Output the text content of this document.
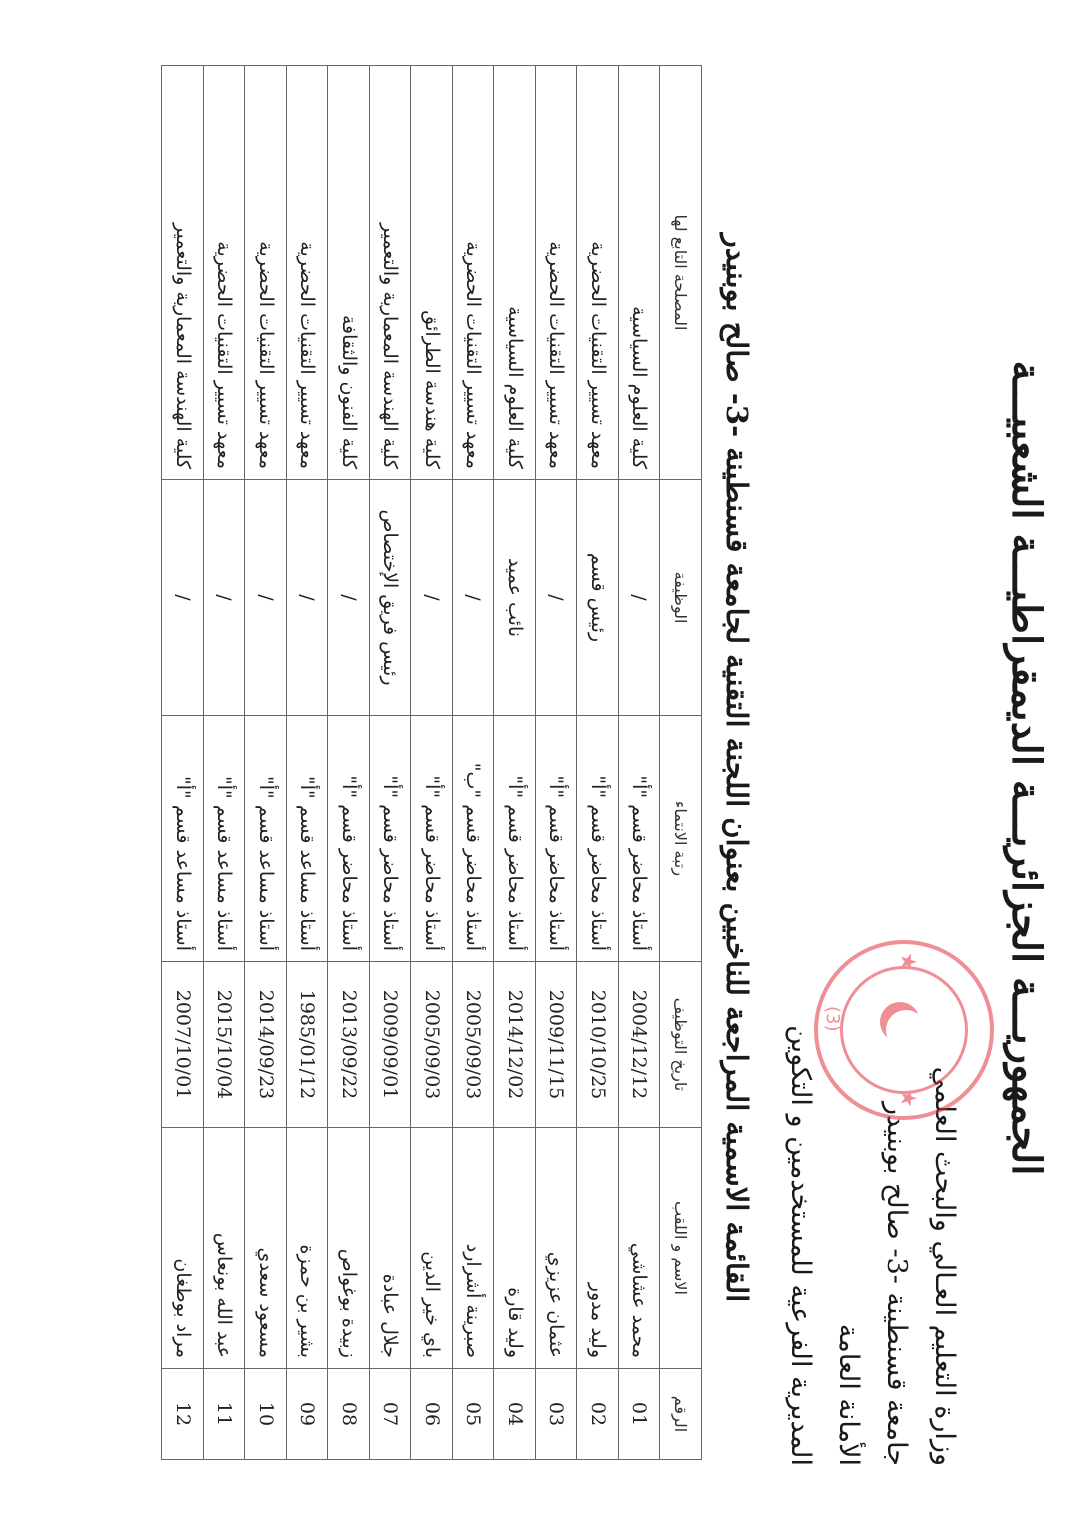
الجمهوريـــة الجزائريـــة الديمقراطيـــة الشعبيـــة
وزارة التعليم العـالي والبحث العلمي
جامعة قسنطينة -3- صالح بوبنيدر
الأمانة العامة
المديرية الفرعية للمستخدمين و التكوين	★
★
(3)
القائمة الاسمية المراجعة للناخبين بعنوان اللجنة التقنية لجامعة قسنطينة -3- صالح بوبنيدر
الرقم	الاسم و اللقب	تاريخ التوظيف	رتبة الانتماء	الوظيفة	المصلحة التابع لها
01	محمد عشاشي	2004/12/12	أستاذ محاضر قسم "أ"	/	كلية العلوم السياسية
02	وليد مدور	2010/10/25	أستاذ محاضر قسم "أ"	رئيس قسم	معهد تسيير التقنيات الحضرية
03	عثمان عزيزي	2009/11/15	أستاذ محاضر قسم "أ"	/	معهد تسيير التقنيات الحضرية
04	وليد قارة	2014/12/02	أستاذ محاضر قسم "أ"	نائب عميد	كلية العلوم السياسية
05	صبرينة أشرارد	2005/09/03	أستاذ محاضر قسم "ب"	/	معهد تسيير التقنيات الحضرية
06	باي خير الدين	2005/09/03	أستاذ محاضر قسم "أ"	/	كلية هندسة الطرائق
07	جلال عبادة	2009/09/01	أستاذ محاضر قسم "أ"	رئيس فريق الإختصاص	كلية الهندسة المعمارية والتعمير
08	زبيدة بوغواص	2013/09/22	أستاذ محاضر قسم "أ"	/	كلية الفنون والثقافة
09	بشير بن حمزة	1985/01/12	أستاذ مساعد قسم "أ"	/	معهد تسيير التقنيات الحضرية
10	مسعود سعدي	2014/09/23	أستاذ مساعد قسم "أ"	/	معهد تسيير التقنيات الحضرية
11	عبد الله بونعاس	2015/10/04	أستاذ مساعد قسم "أ"	/	معهد تسيير التقنيات الحضرية
12	مراد بوطغان	2007/10/01	أستاذ مساعد قسم "أ"	/	كلية الهندسة المعمارية والتعمير
